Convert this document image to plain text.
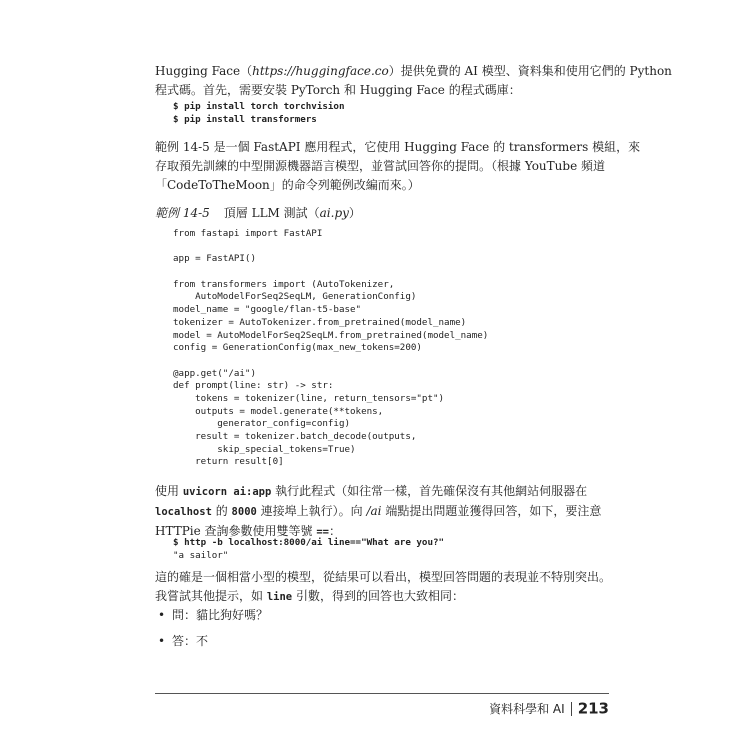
Hugging Face（https://huggingface.co）提供免費的 AI 模型、資料集和使用它們的 Python
程式碼。首先，需要安裝 PyTorch 和 Hugging Face 的程式碼庫：
$ pip install torch torchvision
$ pip install transformers
範例 14-5 是一個 FastAPI 應用程式，它使用 Hugging Face 的 transformers 模組，來
存取預先訓練的中型開源機器語言模型，並嘗試回答你的提問。（根據 YouTube 頻道
「CodeToTheMoon」的命令列範例改編而來。）
範例 14-5 頂層 LLM 測試（ai.py）
from fastapi import FastAPI
app = FastAPI()
from transformers import (AutoTokenizer,
AutoModelForSeq2SeqLM, GenerationConfig)
model_name = "google/flan-t5-base"
tokenizer = AutoTokenizer.from_pretrained(model_name)
model = AutoModelForSeq2SeqLM.from_pretrained(model_name)
config = GenerationConfig(max_new_tokens=200)
@app.get("/ai")
def prompt(line: str) -> str:
tokens = tokenizer(line, return_tensors="pt")
outputs = model.generate(**tokens,
generator_config=config)
result = tokenizer.batch_decode(outputs,
skip_special_tokens=True)
return result[0]
使用 uvicorn ai:app 執行此程式（如往常一樣，首先確保沒有其他網站伺服器在
localhost 的 8000 連接埠上執行）。向 /ai 端點提出問題並獲得回答，如下，要注意
HTTPie 查詢參數使用雙等號 ==：
$ http -b localhost:8000/ai line=="What are you?"
"a sailor"
這的確是一個相當小型的模型，從結果可以看出，模型回答問題的表現並不特別突出。
我嘗試其他提示，如 line 引數，得到的回答也大致相同：
• 問：貓比狗好嗎？
• 答：不
資料科學和 AI 213
